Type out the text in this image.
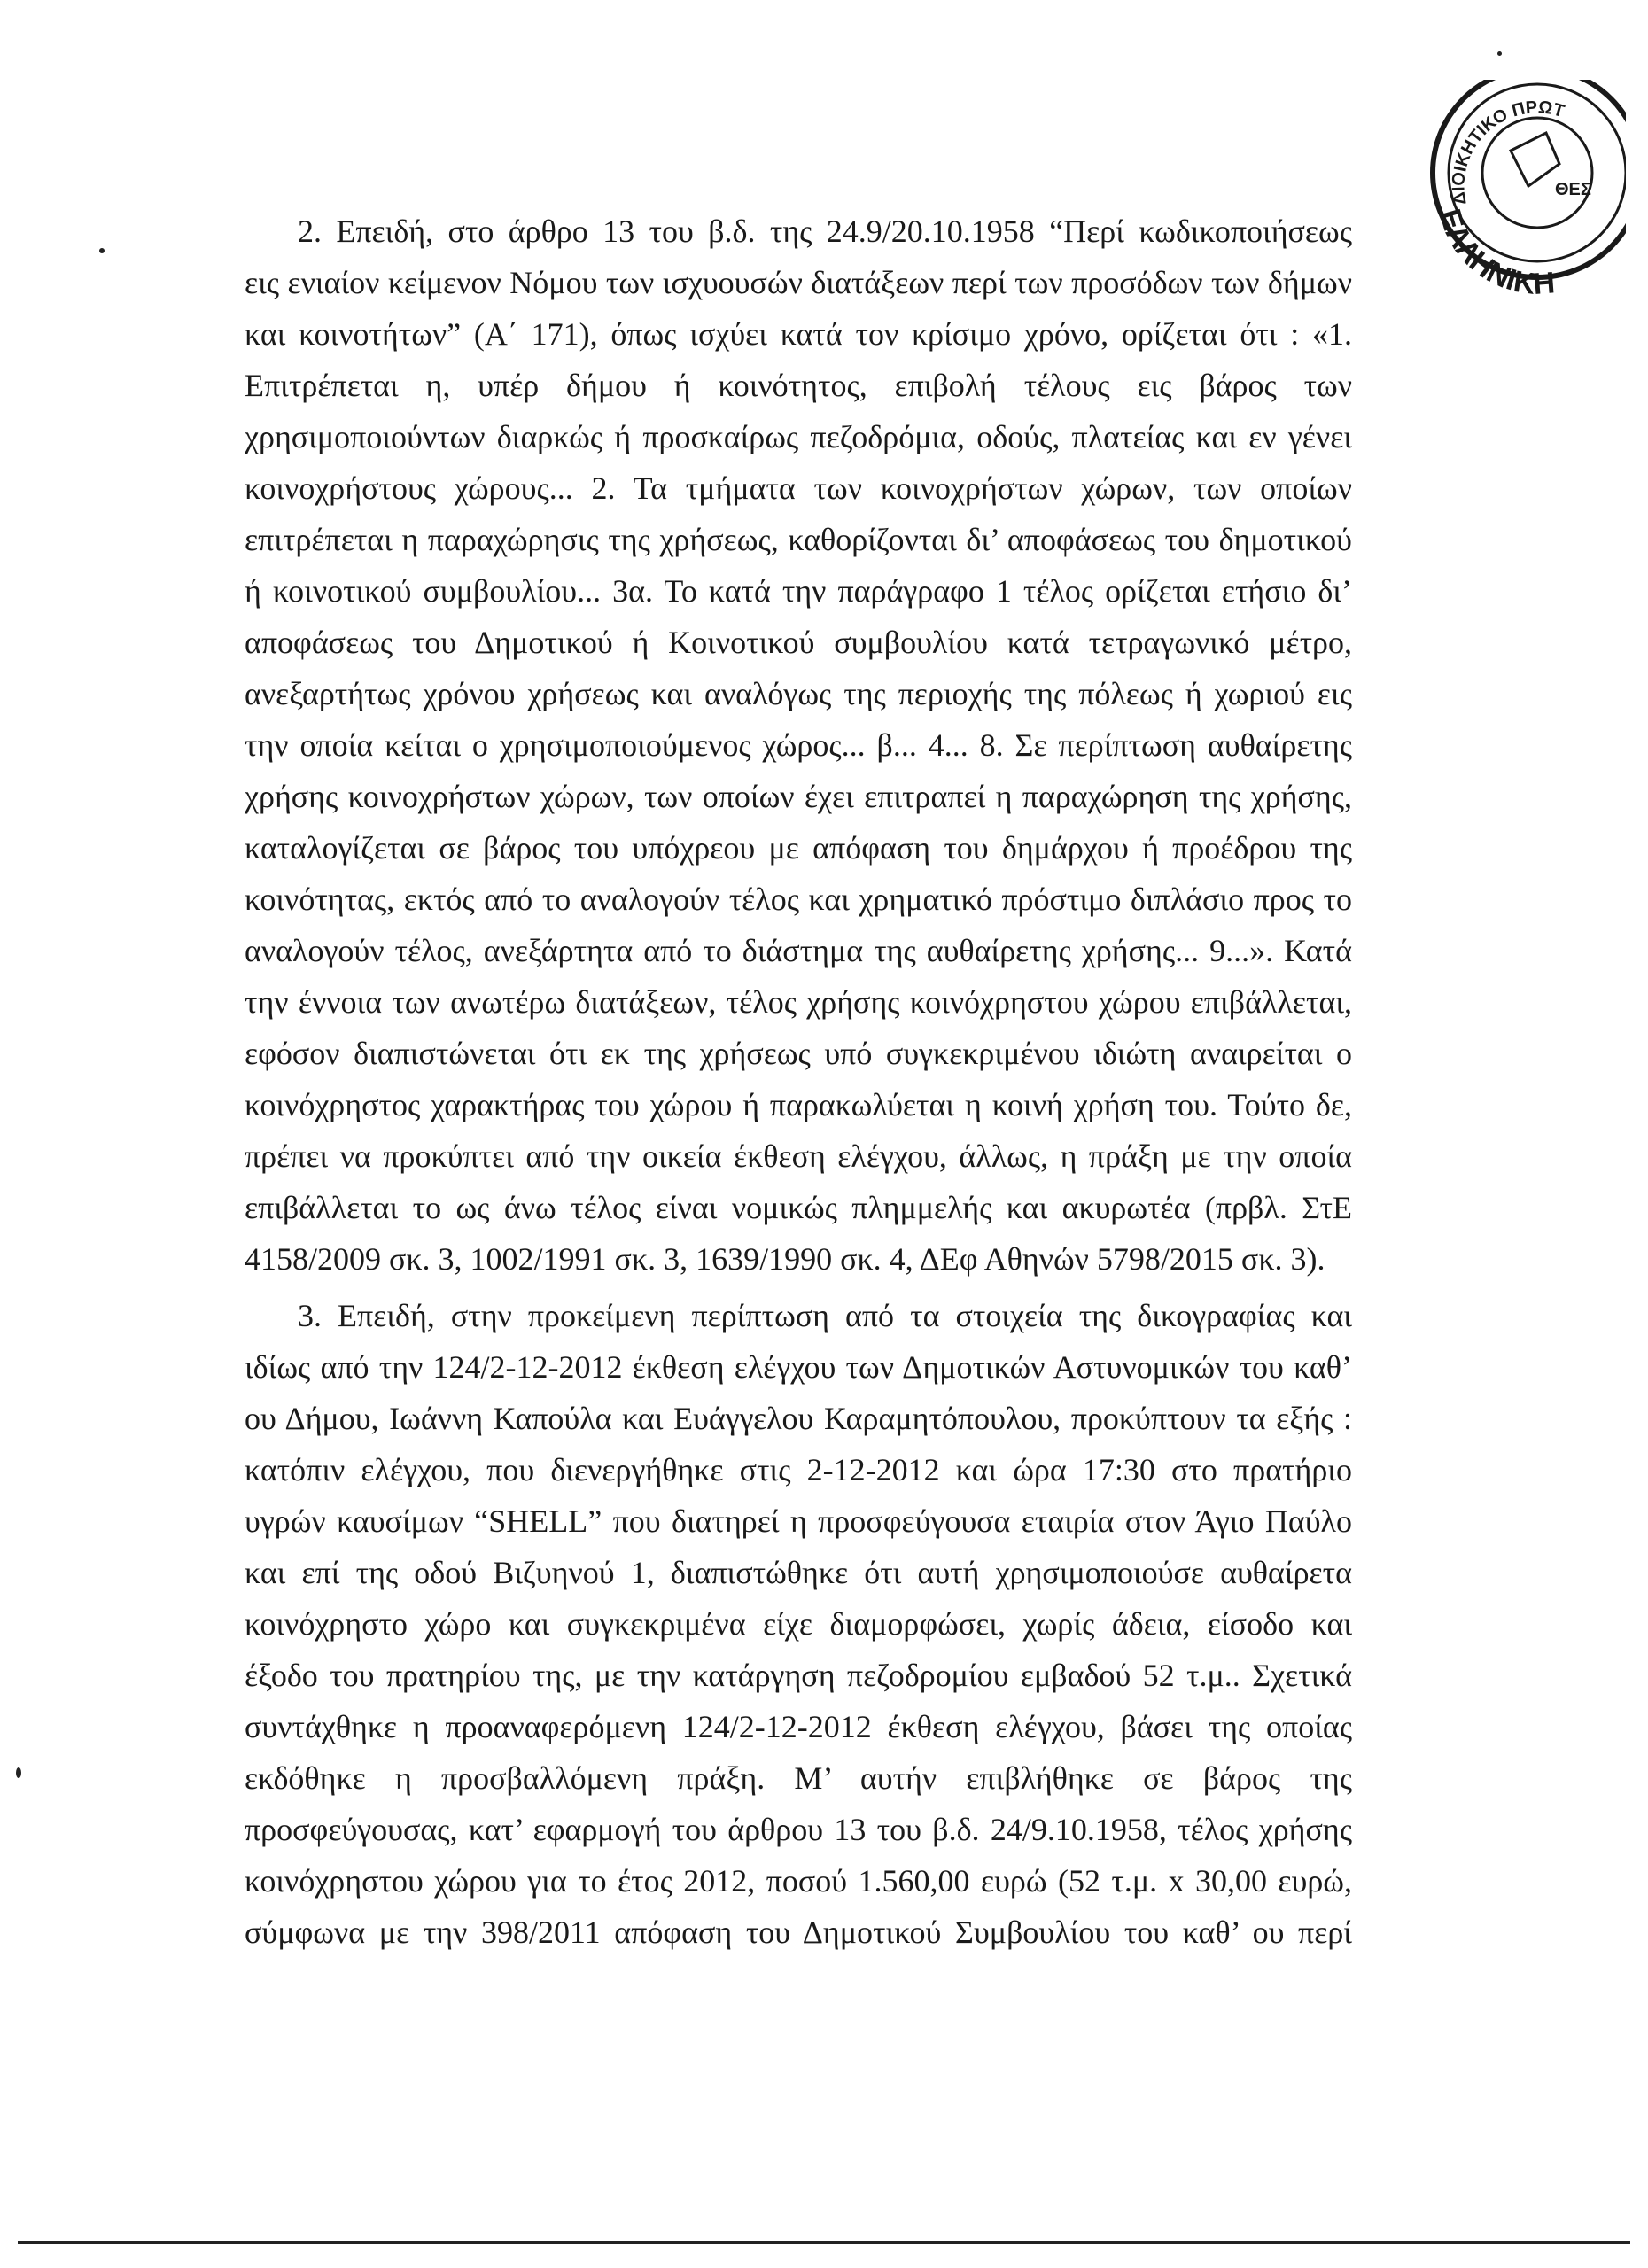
ΔΙΟΙΚΗΤΙΚΟ ΠΡΩΤ
ΕΛΛΗΝΙΚΗ
ΘΕΣ
2. Επειδή, στο άρθρο 13 του β.δ. της 24.9/20.10.1958 “Περί κωδικοποιήσεως
εις ενιαίον κείμενον Νόμου των ισχυουσών διατάξεων περί των προσόδων των δήμων
και κοινοτήτων” (Α΄ 171), όπως ισχύει κατά τον κρίσιμο χρόνο, ορίζεται ότι : «1.
Επιτρέπεται η, υπέρ δήμου ή κοινότητος, επιβολή τέλους εις βάρος των
χρησιμοποιούντων διαρκώς ή προσκαίρως πεζοδρόμια, οδούς, πλατείας και εν γένει
κοινοχρήστους χώρους... 2. Τα τμήματα των κοινοχρήστων χώρων, των οποίων
επιτρέπεται η παραχώρησις της χρήσεως, καθορίζονται δι’ αποφάσεως του δημοτικού
ή κοινοτικού συμβουλίου... 3α. Το κατά την παράγραφο 1 τέλος ορίζεται ετήσιο δι’
αποφάσεως του Δημοτικού ή Κοινοτικού συμβουλίου κατά τετραγωνικό μέτρο,
ανεξαρτήτως χρόνου χρήσεως και αναλόγως της περιοχής της πόλεως ή χωριού εις
την οποία κείται ο χρησιμοποιούμενος χώρος... β... 4... 8. Σε περίπτωση αυθαίρετης
χρήσης κοινοχρήστων χώρων, των οποίων έχει επιτραπεί η παραχώρηση της χρήσης,
καταλογίζεται σε βάρος του υπόχρεου με απόφαση του δημάρχου ή προέδρου της
κοινότητας, εκτός από το αναλογούν τέλος και χρηματικό πρόστιμο διπλάσιο προς το
αναλογούν τέλος, ανεξάρτητα από το διάστημα της αυθαίρετης χρήσης... 9...». Κατά
την έννοια των ανωτέρω διατάξεων, τέλος χρήσης κοινόχρηστου χώρου επιβάλλεται,
εφόσον διαπιστώνεται ότι εκ της χρήσεως υπό συγκεκριμένου ιδιώτη αναιρείται ο
κοινόχρηστος χαρακτήρας του χώρου ή παρακωλύεται η κοινή χρήση του. Τούτο δε,
πρέπει να προκύπτει από την οικεία έκθεση ελέγχου, άλλως, η πράξη με την οποία
επιβάλλεται το ως άνω τέλος είναι νομικώς πλημμελής και ακυρωτέα (πρβλ. ΣτΕ
4158/2009 σκ. 3, 1002/1991 σκ. 3, 1639/1990 σκ. 4, ΔΕφ Αθηνών 5798/2015 σκ. 3).
3. Επειδή, στην προκείμενη περίπτωση από τα στοιχεία της δικογραφίας και
ιδίως από την 124/2-12-2012 έκθεση ελέγχου των Δημοτικών Αστυνομικών του καθ’
ου Δήμου, Ιωάννη Καπούλα και Ευάγγελου Καραμητόπουλου, προκύπτουν τα εξής :
κατόπιν ελέγχου, που διενεργήθηκε στις 2-12-2012 και ώρα 17:30 στο πρατήριο
υγρών καυσίμων “SHELL” που διατηρεί η προσφεύγουσα εταιρία στον Άγιο Παύλο
και επί της οδού Βιζυηνού 1, διαπιστώθηκε ότι αυτή χρησιμοποιούσε αυθαίρετα
κοινόχρηστο χώρο και συγκεκριμένα είχε διαμορφώσει, χωρίς άδεια, είσοδο και
έξοδο του πρατηρίου της, με την κατάργηση πεζοδρομίου εμβαδού 52 τ.μ.. Σχετικά
συντάχθηκε η προαναφερόμενη 124/2-12-2012 έκθεση ελέγχου, βάσει της οποίας
εκδόθηκε η προσβαλλόμενη πράξη. Μ’ αυτήν επιβλήθηκε σε βάρος της
προσφεύγουσας, κατ’ εφαρμογή του άρθρου 13 του β.δ. 24/9.10.1958, τέλος χρήσης
κοινόχρηστου χώρου για το έτος 2012, ποσού 1.560,00 ευρώ (52 τ.μ. x 30,00 ευρώ,
σύμφωνα με την 398/2011 απόφαση του Δημοτικού Συμβουλίου του καθ’ ου περί
